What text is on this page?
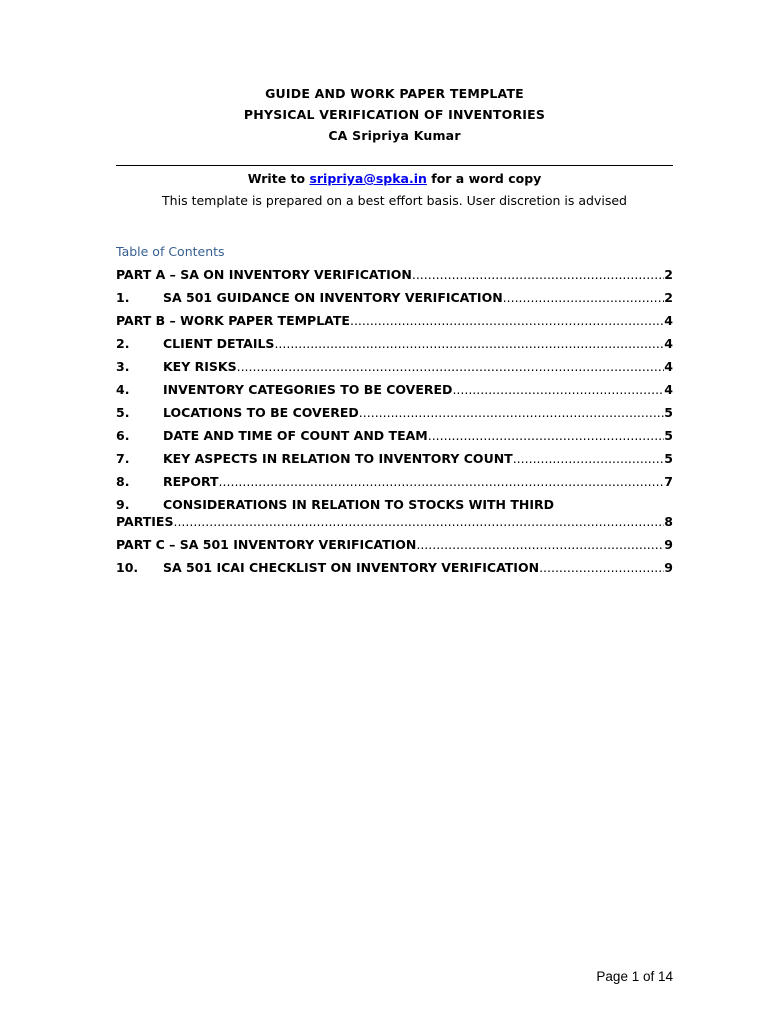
GUIDE AND WORK PAPER TEMPLATE
PHYSICAL VERIFICATION OF INVENTORIES
CA Sripriya Kumar
Write to sripriya@spka.in for a word copy
This template is prepared on a best effort basis. User discretion is advised
Table of Contents
PART A – SA ON INVENTORY VERIFICATION .....	2
1.	SA 501 GUIDANCE ON INVENTORY VERIFICATION .....	2
PART B – WORK PAPER TEMPLATE .....	4
2.	CLIENT DETAILS .....	4
3.	KEY RISKS .....	4
4.	INVENTORY CATEGORIES TO BE COVERED .....	4
5.	LOCATIONS TO BE COVERED .....	5
6.	DATE AND TIME OF COUNT AND TEAM .....	5
7.	KEY ASPECTS IN RELATION TO INVENTORY COUNT .....	5
8.	REPORT .....	7
9.	CONSIDERATIONS IN RELATION TO STOCKS WITH THIRD
PARTIES .....	8
PART C – SA 501 INVENTORY VERIFICATION .....	9
10.	SA 501 ICAI CHECKLIST ON INVENTORY VERIFICATION .....	9
Page 1 of 14
